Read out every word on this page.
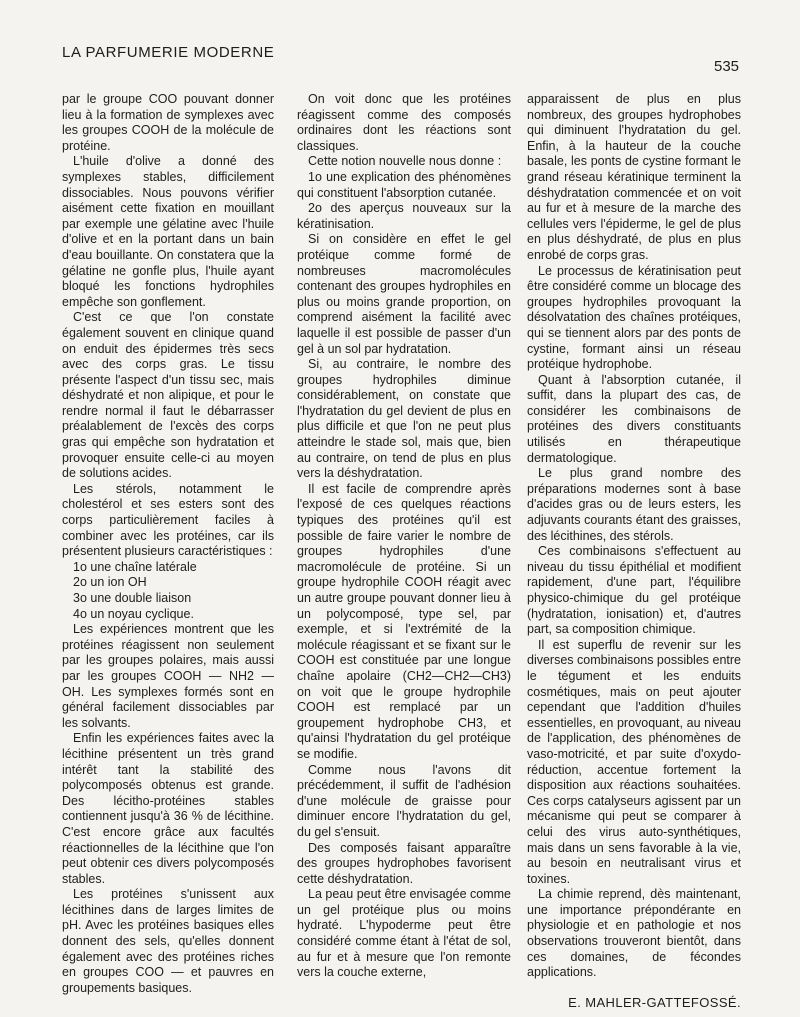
LA PARFUMERIE MODERNE
535

par le groupe COO pouvant donner lieu à la formation de symplexes avec les groupes COOH de la molécule de protéine.

L'huile d'olive a donné des symplexes stables, difficilement dissociables. Nous pouvons vérifier aisément cette fixation en mouillant par exemple une gélatine avec l'huile d'olive et en la portant dans un bain d'eau bouillante. On constatera que la gélatine ne gonfle plus, l'huile ayant bloqué les fonctions hydrophiles empêche son gonflement.

C'est ce que l'on constate également souvent en clinique quand on enduit des épidermes très secs avec des corps gras. Le tissu présente l'aspect d'un tissu sec, mais déshydraté et non alipique, et pour le rendre normal il faut le débarrasser préalablement de l'excès des corps gras qui empêche son hydratation et provoquer ensuite celle-ci au moyen de solutions acides.

Les stérols, notamment le cholestérol et ses esters sont des corps particulièrement faciles à combiner avec les protéines, car ils présentent plusieurs caractéristiques :

1o une chaîne latérale

2o un ion OH

3o une double liaison

4o un noyau cyclique.

Les expériences montrent que les protéines réagissent non seulement par les groupes polaires, mais aussi par les groupes COOH — NH2 — OH. Les symplexes formés sont en général facilement dissociables par les solvants.

Enfin les expériences faites avec la lécithine présentent un très grand intérêt tant la stabilité des polycomposés obtenus est grande. Des lécitho-protéines stables contiennent jusqu'à 36 % de lécithine. C'est encore grâce aux facultés réactionnelles de la lécithine que l'on peut obtenir ces divers polycomposés stables.

Les protéines s'unissent aux lécithines dans de larges limites de pH. Avec les protéines basiques elles donnent des sels, qu'elles donnent également avec des protéines riches en groupes COO — et pauvres en groupements basiques.

On voit donc que les protéines réagissent comme des composés ordinaires dont les réactions sont classiques.

Cette notion nouvelle nous donne :

1o une explication des phénomènes qui constituent l'absorption cutanée.

2o des aperçus nouveaux sur la kératinisation.

Si on considère en effet le gel protéique comme formé de nombreuses macromolécules contenant des groupes hydrophiles en plus ou moins grande proportion, on comprend aisément la facilité avec laquelle il est possible de passer d'un gel à un sol par hydratation.

Si, au contraire, le nombre des groupes hydrophiles diminue considérablement, on constate que l'hydratation du gel devient de plus en plus difficile et que l'on ne peut plus atteindre le stade sol, mais que, bien au contraire, on tend de plus en plus vers la déshydratation.

Il est facile de comprendre après l'exposé de ces quelques réactions typiques des protéines qu'il est possible de faire varier le nombre de groupes hydrophiles d'une macromolécule de protéine. Si un groupe hydrophile COOH réagit avec un autre groupe pouvant donner lieu à un polycomposé, type sel, par exemple, et si l'extrémité de la molécule réagissant et se fixant sur le COOH est constituée par une longue chaîne apolaire (CH2—CH2—CH3) on voit que le groupe hydrophile COOH est remplacé par un groupement hydrophobe CH3, et qu'ainsi l'hydratation du gel protéique se modifie.

Comme nous l'avons dit précédemment, il suffit de l'adhésion d'une molécule de graisse pour diminuer encore l'hydratation du gel, du gel s'ensuit.

Des composés faisant apparaître des groupes hydrophobes favorisent cette déshydratation.

La peau peut être envisagée comme un gel protéique plus ou moins hydraté. L'hypoderme peut être considéré comme étant à l'état de sol, au fur et à mesure que l'on remonte vers la couche externe,

apparaissent de plus en plus nombreux, des groupes hydrophobes qui diminuent l'hydratation du gel. Enfin, à la hauteur de la couche basale, les ponts de cystine formant le grand réseau kératinique terminent la déshydratation commencée et on voit au fur et à mesure de la marche des cellules vers l'épiderme, le gel de plus en plus déshydraté, de plus en plus enrobé de corps gras.

Le processus de kératinisation peut être considéré comme un blocage des groupes hydrophiles provoquant la désolvatation des chaînes protéiques, qui se tiennent alors par des ponts de cystine, formant ainsi un réseau protéique hydrophobe.

Quant à l'absorption cutanée, il suffit, dans la plupart des cas, de considérer les combinaisons de protéines des divers constituants utilisés en thérapeutique dermatologique.

Le plus grand nombre des préparations modernes sont à base d'acides gras ou de leurs esters, les adjuvants courants étant des graisses, des lécithines, des stérols.

Ces combinaisons s'effectuent au niveau du tissu épithélial et modifient rapidement, d'une part, l'équilibre physico-chimique du gel protéique (hydratation, ionisation) et, d'autres part, sa composition chimique.

Il est superflu de revenir sur les diverses combinaisons possibles entre le tégument et les enduits cosmétiques, mais on peut ajouter cependant que l'addition d'huiles essentielles, en provoquant, au niveau de l'application, des phénomènes de vaso-motricité, et par suite d'oxydo-réduction, accentue fortement la disposition aux réactions souhaitées. Ces corps catalyseurs agissent par un mécanisme qui peut se comparer à celui des virus auto-synthétiques, mais dans un sens favorable à la vie, au besoin en neutralisant virus et toxines.

La chimie reprend, dès maintenant, une importance prépondérante en physiologie et en pathologie et nos observations trouveront bientôt, dans ces domaines, de fécondes applications.

E. MAHLER-GATTEFOSSÉ.
